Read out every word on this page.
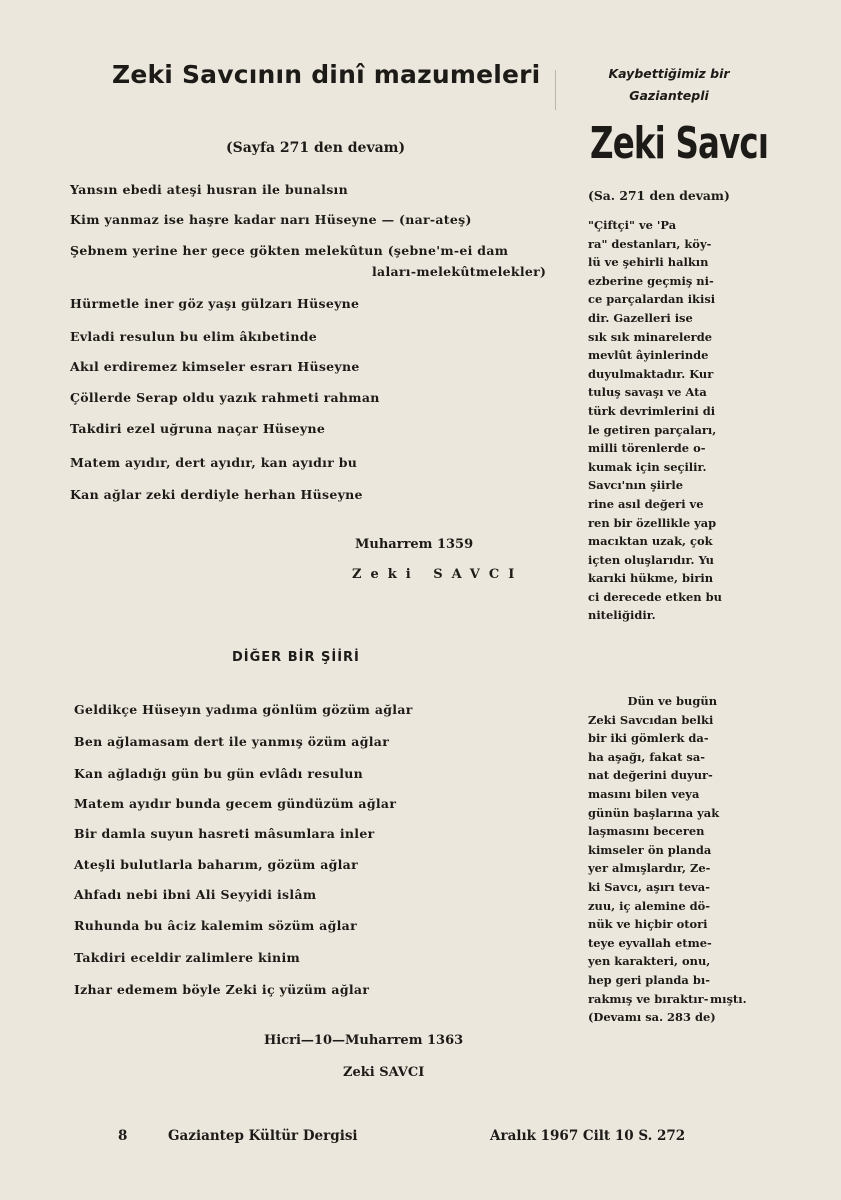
Zeki Savcının dinî mazumeleri
(Sayfa 271 den devam)
Yansın ebedi ateşi husran ile bunalsın
Kim yanmaz ise haşre kadar narı Hüseyne — (nar-ateş)
Şebnem yerine her gece gökten melekûtun (şebne'm-ei dam
laları-melekûtmelekler)
Hürmetle iner göz yaşı gülzarı Hüseyne
Evladi resulun bu elim âkıbetinde
Akıl erdiremez kimseler esrarı Hüseyne
Çöllerde Serap oldu yazık rahmeti rahman
Takdiri ezel uğruna naçar Hüseyne
Matem ayıdır, dert ayıdır, kan ayıdır bu
Kan ağlar zeki derdiyle herhan Hüseyne
Muharrem 1359
Zeki SAVCI
DİĞER BİR ŞİİRİ
Geldikçe Hüseyın yadıma gönlüm gözüm ağlar
Ben ağlamasam dert ile yanmış özüm ağlar
Kan ağladığı gün bu gün evlâdı resulun
Matem ayıdır bunda gecem gündüzüm ağlar
Bir damla suyun hasreti mâsumlara inler
Ateşli bulutlarla baharım, gözüm ağlar
Ahfadı nebi ibni Ali Seyyidi islâm
Ruhunda bu âciz kalemim sözüm ağlar
Takdiri eceldir zalimlere kinim
Izhar edemem böyle Zeki iç yüzüm ağlar
Hicri—10—Muharrem 1363
Zeki SAVCI
Kaybettiğimiz bir
Gaziantepli
Zeki Savcı
(Sa. 271 den devam)
"Çiftçi" ve 'Para" destanları, köy-lü ve şehirli halkınezberine geçmiş ni-ce parçalardan ikisidir. Gazelleri isesık sık minarelerdemevlût âyinlerindeduyulmaktadır. Kurtuluş savaşı ve Atatürk devrimlerini dile getiren parçaları,milli törenlerde o-kumak için seçilir.Savcı'nın şiirlerine asıl değeri veren bir özellikle yapmacıktan uzak, çokiçten oluşlarıdır. Yukarıki hükme, birinci derecede etken buniteliğidir.
Dün ve bugünZeki Savcıdan belkibir iki gömlerk da-ha aşağı, fakat sa-nat değerini duyur-masını bilen veyagünün başlarına yaklaşmasını becerenkimseler ön plandayer almışlardır, Ze-ki Savcı, aşırı teva-zuu, iç alemine dö-nük ve hiçbir otoriteye eyvallah etme-yen karakteri, onu,hep geri planda bı-rakmış ve bıraktır-mıştı.(Devamı sa. 283 de)
8	Gaziantep Kültür Dergisi	Aralık 1967 Cilt 10 S. 272
